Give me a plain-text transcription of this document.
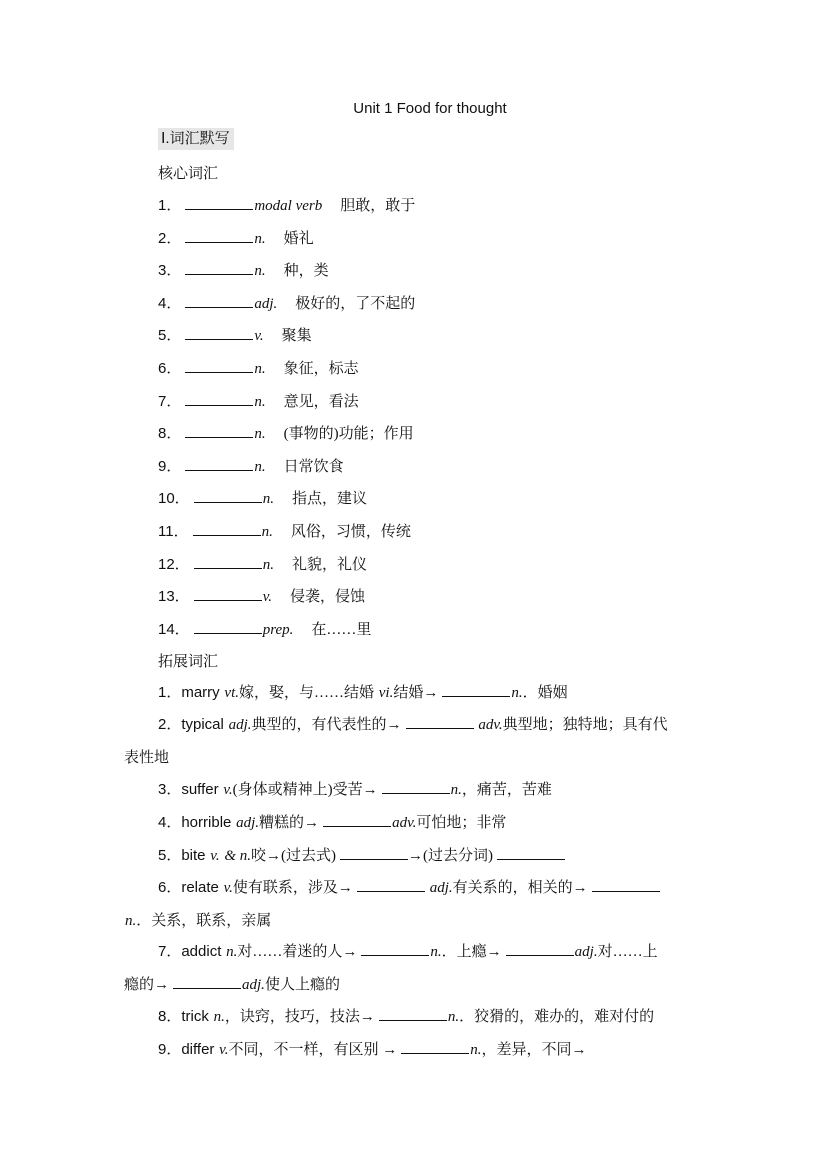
Unit 1 Food for thought
Ⅰ.词汇默写
核心词汇
1．	modal verb 胆敢，敢于
2．	n. 婚礼
3．	n. 种，类
4．	adj. 极好的，了不起的
5．	v. 聚集
6．	n. 象征，标志
7．	n. 意见，看法
8．	n. (事物的)功能；作用
9．	n. 日常饮食
10．	n. 指点，建议
11．	n. 风俗，习惯，传统
12．	n. 礼貌，礼仪
13．	v. 侵袭，侵蚀
14．	prep. 在……里
拓展词汇
1．marry vt.嫁，娶，与……结婚 vi.结婚→	n.．婚姻
2．typical adj.典型的，有代表性的→	adv.典型地；独特地；具有代
表性地
3．suffer v.(身体或精神上)受苦→	n.，痛苦，苦难
4．horrible adj.糟糕的→	adv.可怕地；非常
5．bite v. & n.咬→(过去式)	→(过去分词)
6．relate v.使有联系，涉及→	adj.有关系的，相关的→
n.．关系，联系，亲属
7．addict n.对……着迷的人→	n.．上瘾→	adj.对……上
瘾的→	adj.使人上瘾的
8．trick n.，诀窍，技巧，技法→	n.．狡猾的，难办的，难对付的
9．differ v.不同，不一样，有区别 →	n.，差异，不同→
